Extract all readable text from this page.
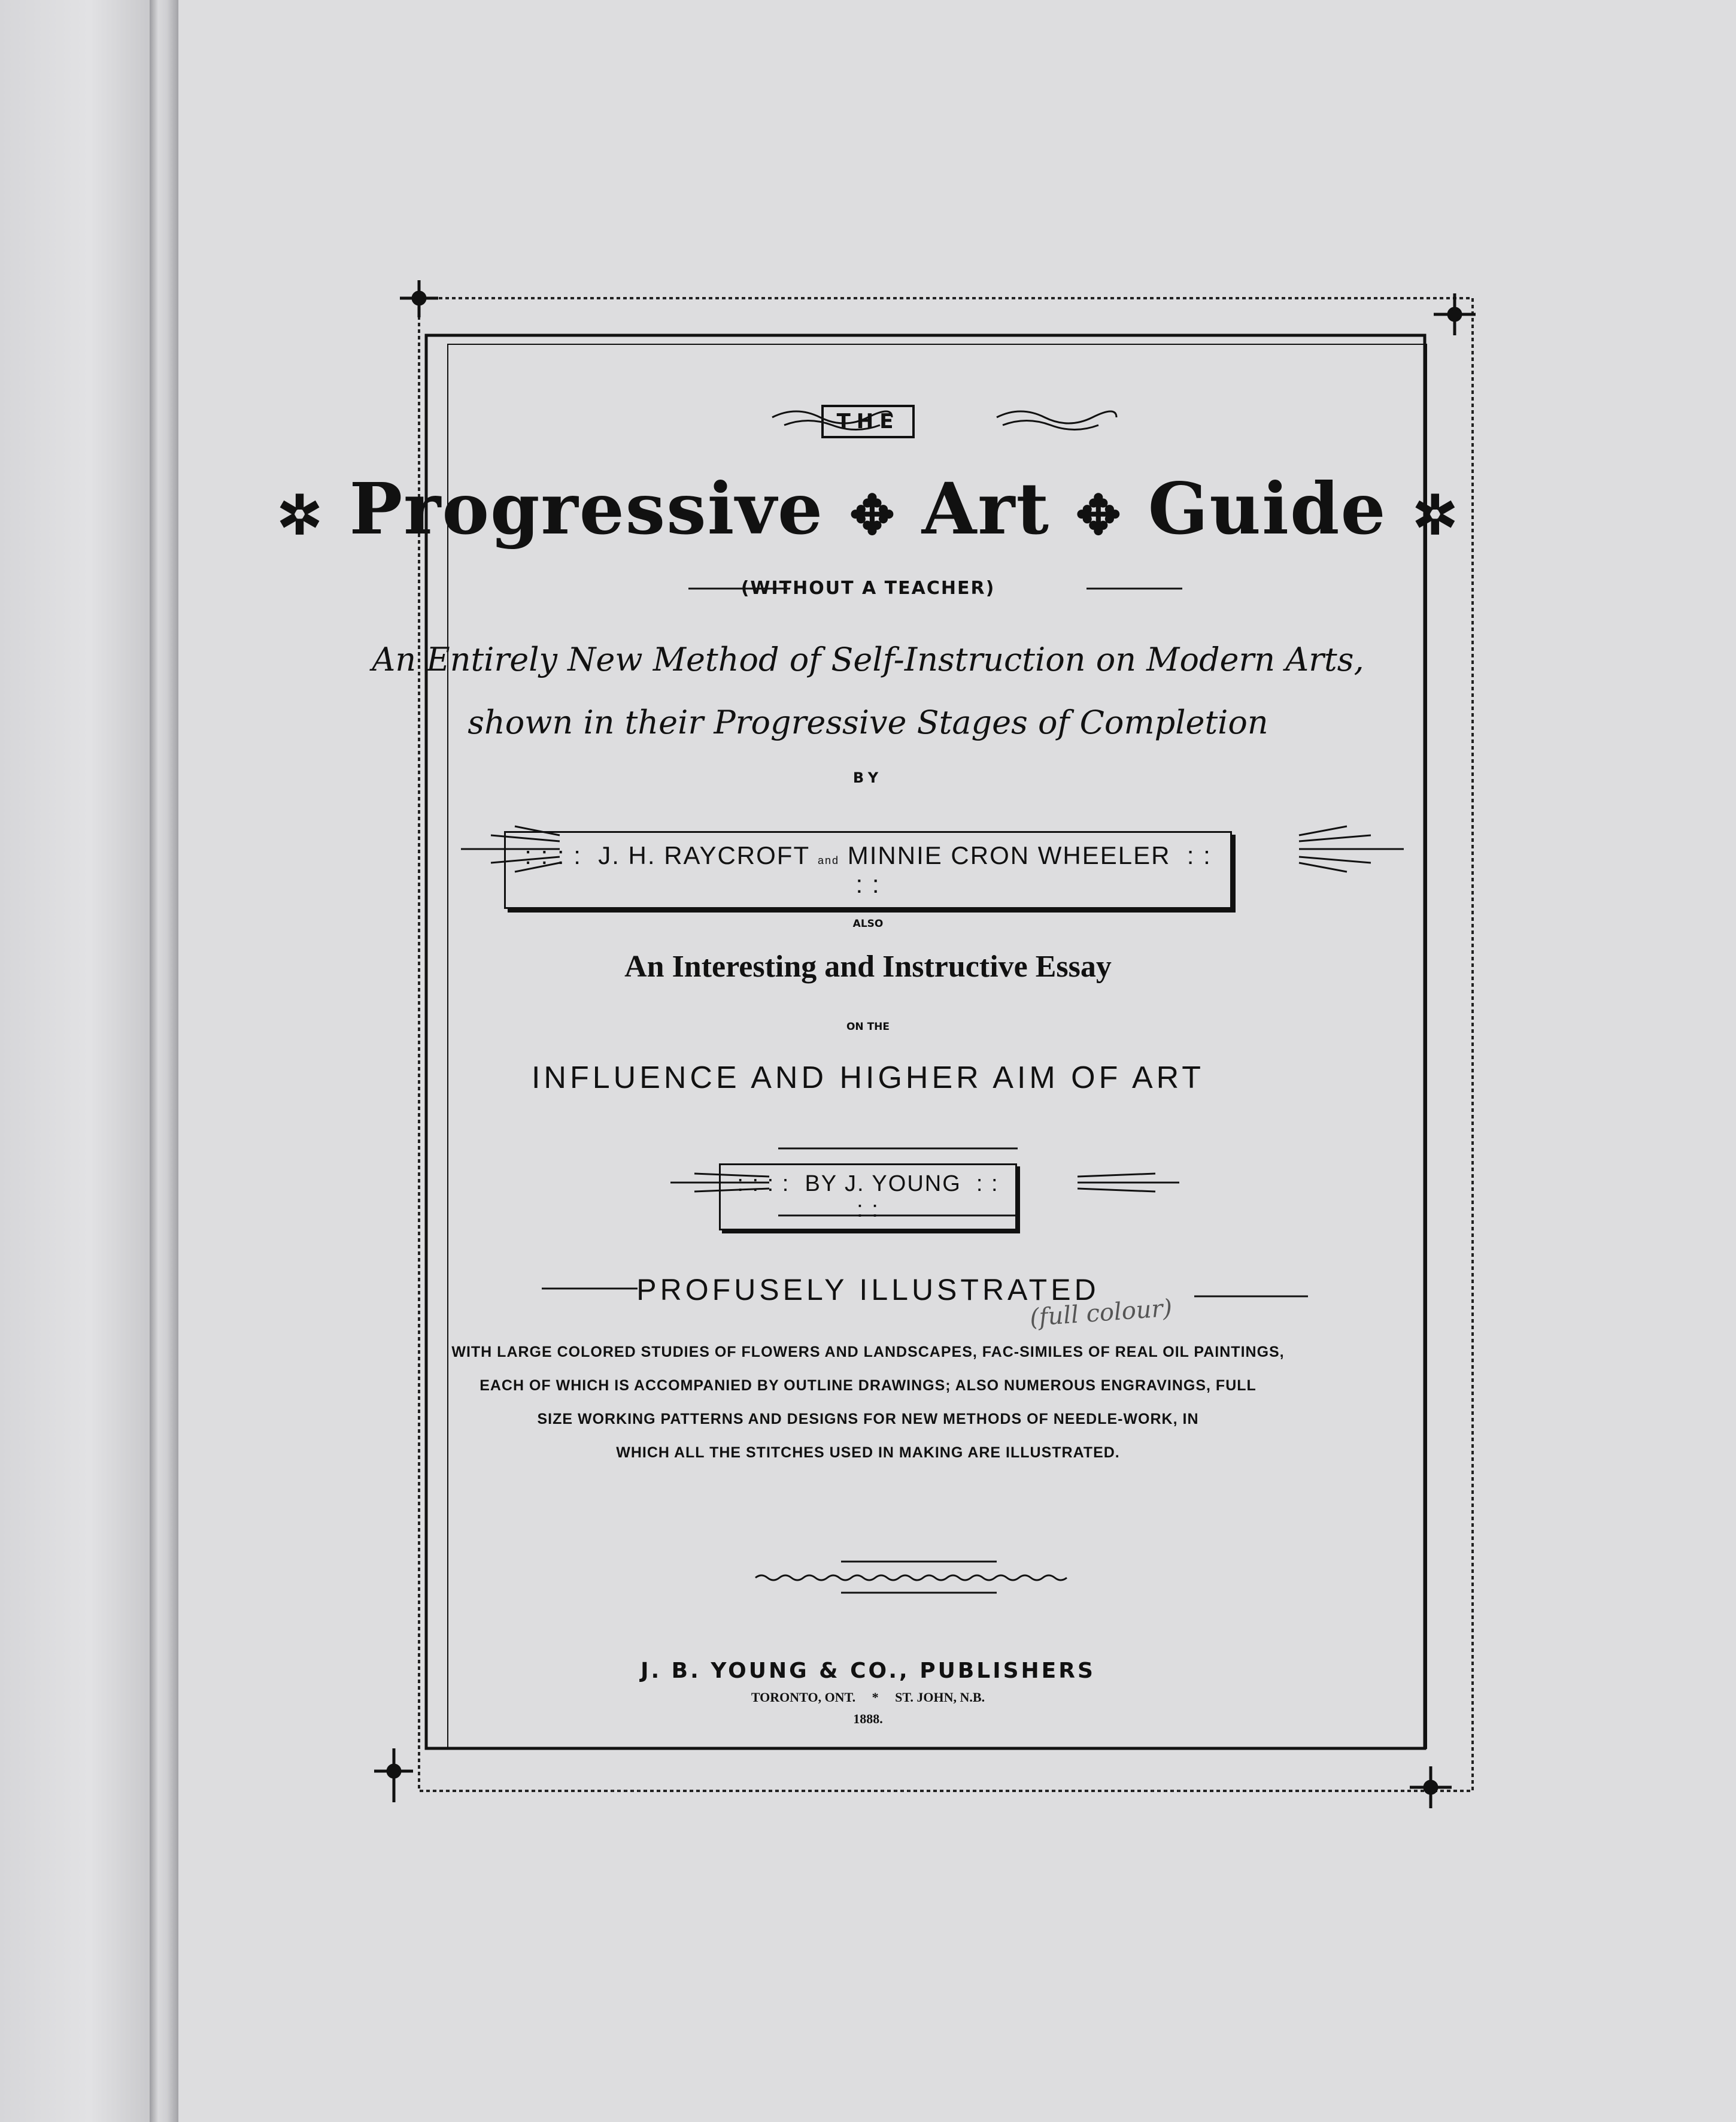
THE

✲ Progressive ✥ Art ✥ Guide ✲

(WITHOUT A TEACHER)

An Entirely New Method of Self-Instruction on Modern Arts,

shown in their Progressive Stages of Completion

BY

: : : : J. H. RAYCROFT and MINNIE CRON WHEELER : : : :

ALSO

An Interesting and Instructive Essay

ON THE

INFLUENCE AND HIGHER AIM OF ART

: : : : BY J. YOUNG : : : :

PROFUSELY ILLUSTRATED

(full colour)
WITH LARGE COLORED STUDIES OF FLOWERS AND LANDSCAPES, FAC-SIMILES OF REAL OIL PAINTINGS,
EACH OF WHICH IS ACCOMPANIED BY OUTLINE DRAWINGS; ALSO NUMEROUS ENGRAVINGS, FULL
SIZE WORKING PATTERNS AND DESIGNS FOR NEW METHODS OF NEEDLE-WORK, IN
WHICH ALL THE STITCHES USED IN MAKING ARE ILLUSTRATED.

J. B. YOUNG & CO., PUBLISHERS

TORONTO, ONT. * ST. JOHN, N.B.

1888.
